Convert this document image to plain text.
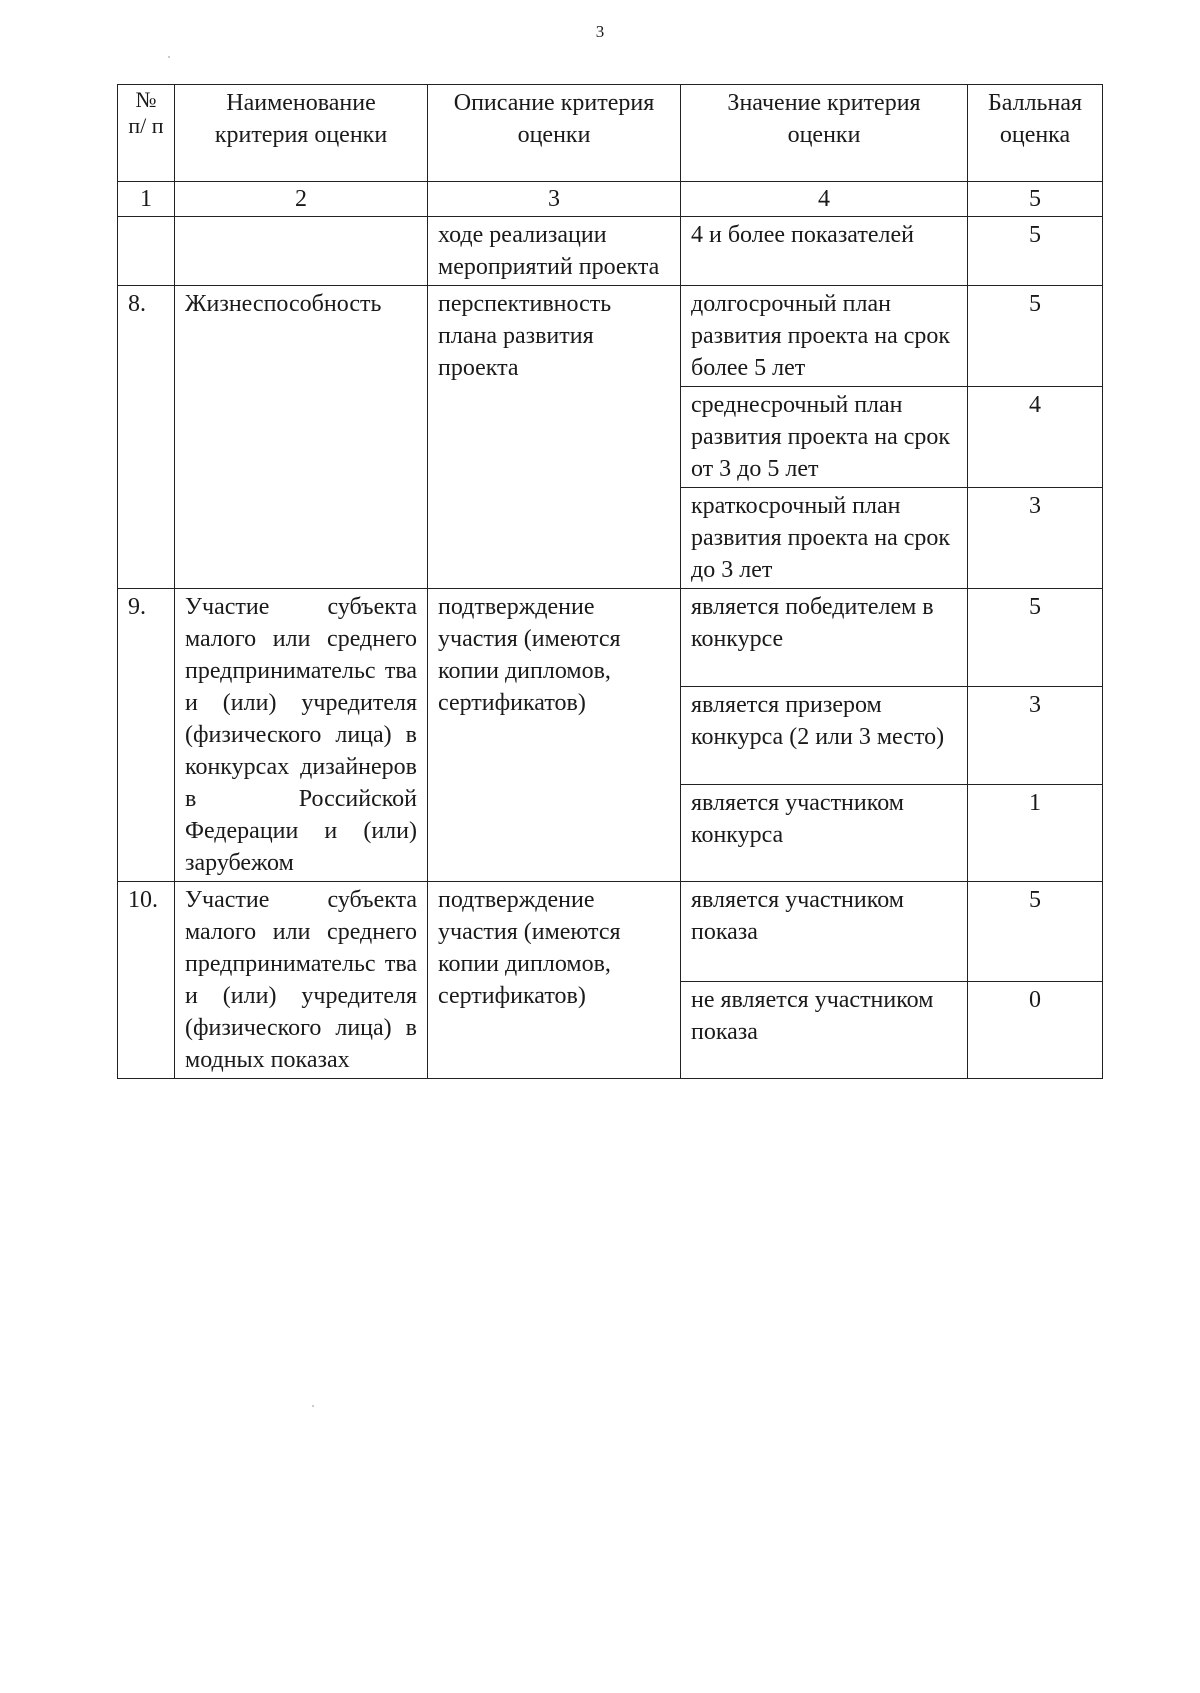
3
№ п/ п	Наименование критерия оценки	Описание критерия оценки	Значение критерия оценки	Балльная оценка
1	2	3	4	5
		ходе реализации мероприятий проекта	4 и более показателей	5
8.	Жизнеспособность	перспективность плана развития проекта	долгосрочный план развития проекта на срок более 5 лет	5
			среднесрочный план развития проекта на срок от 3 до 5 лет	4
			краткосрочный план развития проекта на срок до 3 лет	3
9.	Участие субъекта малого или среднего предпринимательс тва и (или) учредителя (физического лица) в конкурсах дизайнеров в Российской Федерации и (или) зарубежом	подтверждение участия (имеются копии дипломов, сертификатов)	является победителем в конкурсе	5
			является призером конкурса (2 или 3 место)	3
			является участником конкурса	1
10.	Участие субъекта малого или среднего предпринимательс тва и (или) учредителя (физического лица) в модных показах	подтверждение участия (имеются копии дипломов, сертификатов)	является участником показа	5
			не является участником показа	0
